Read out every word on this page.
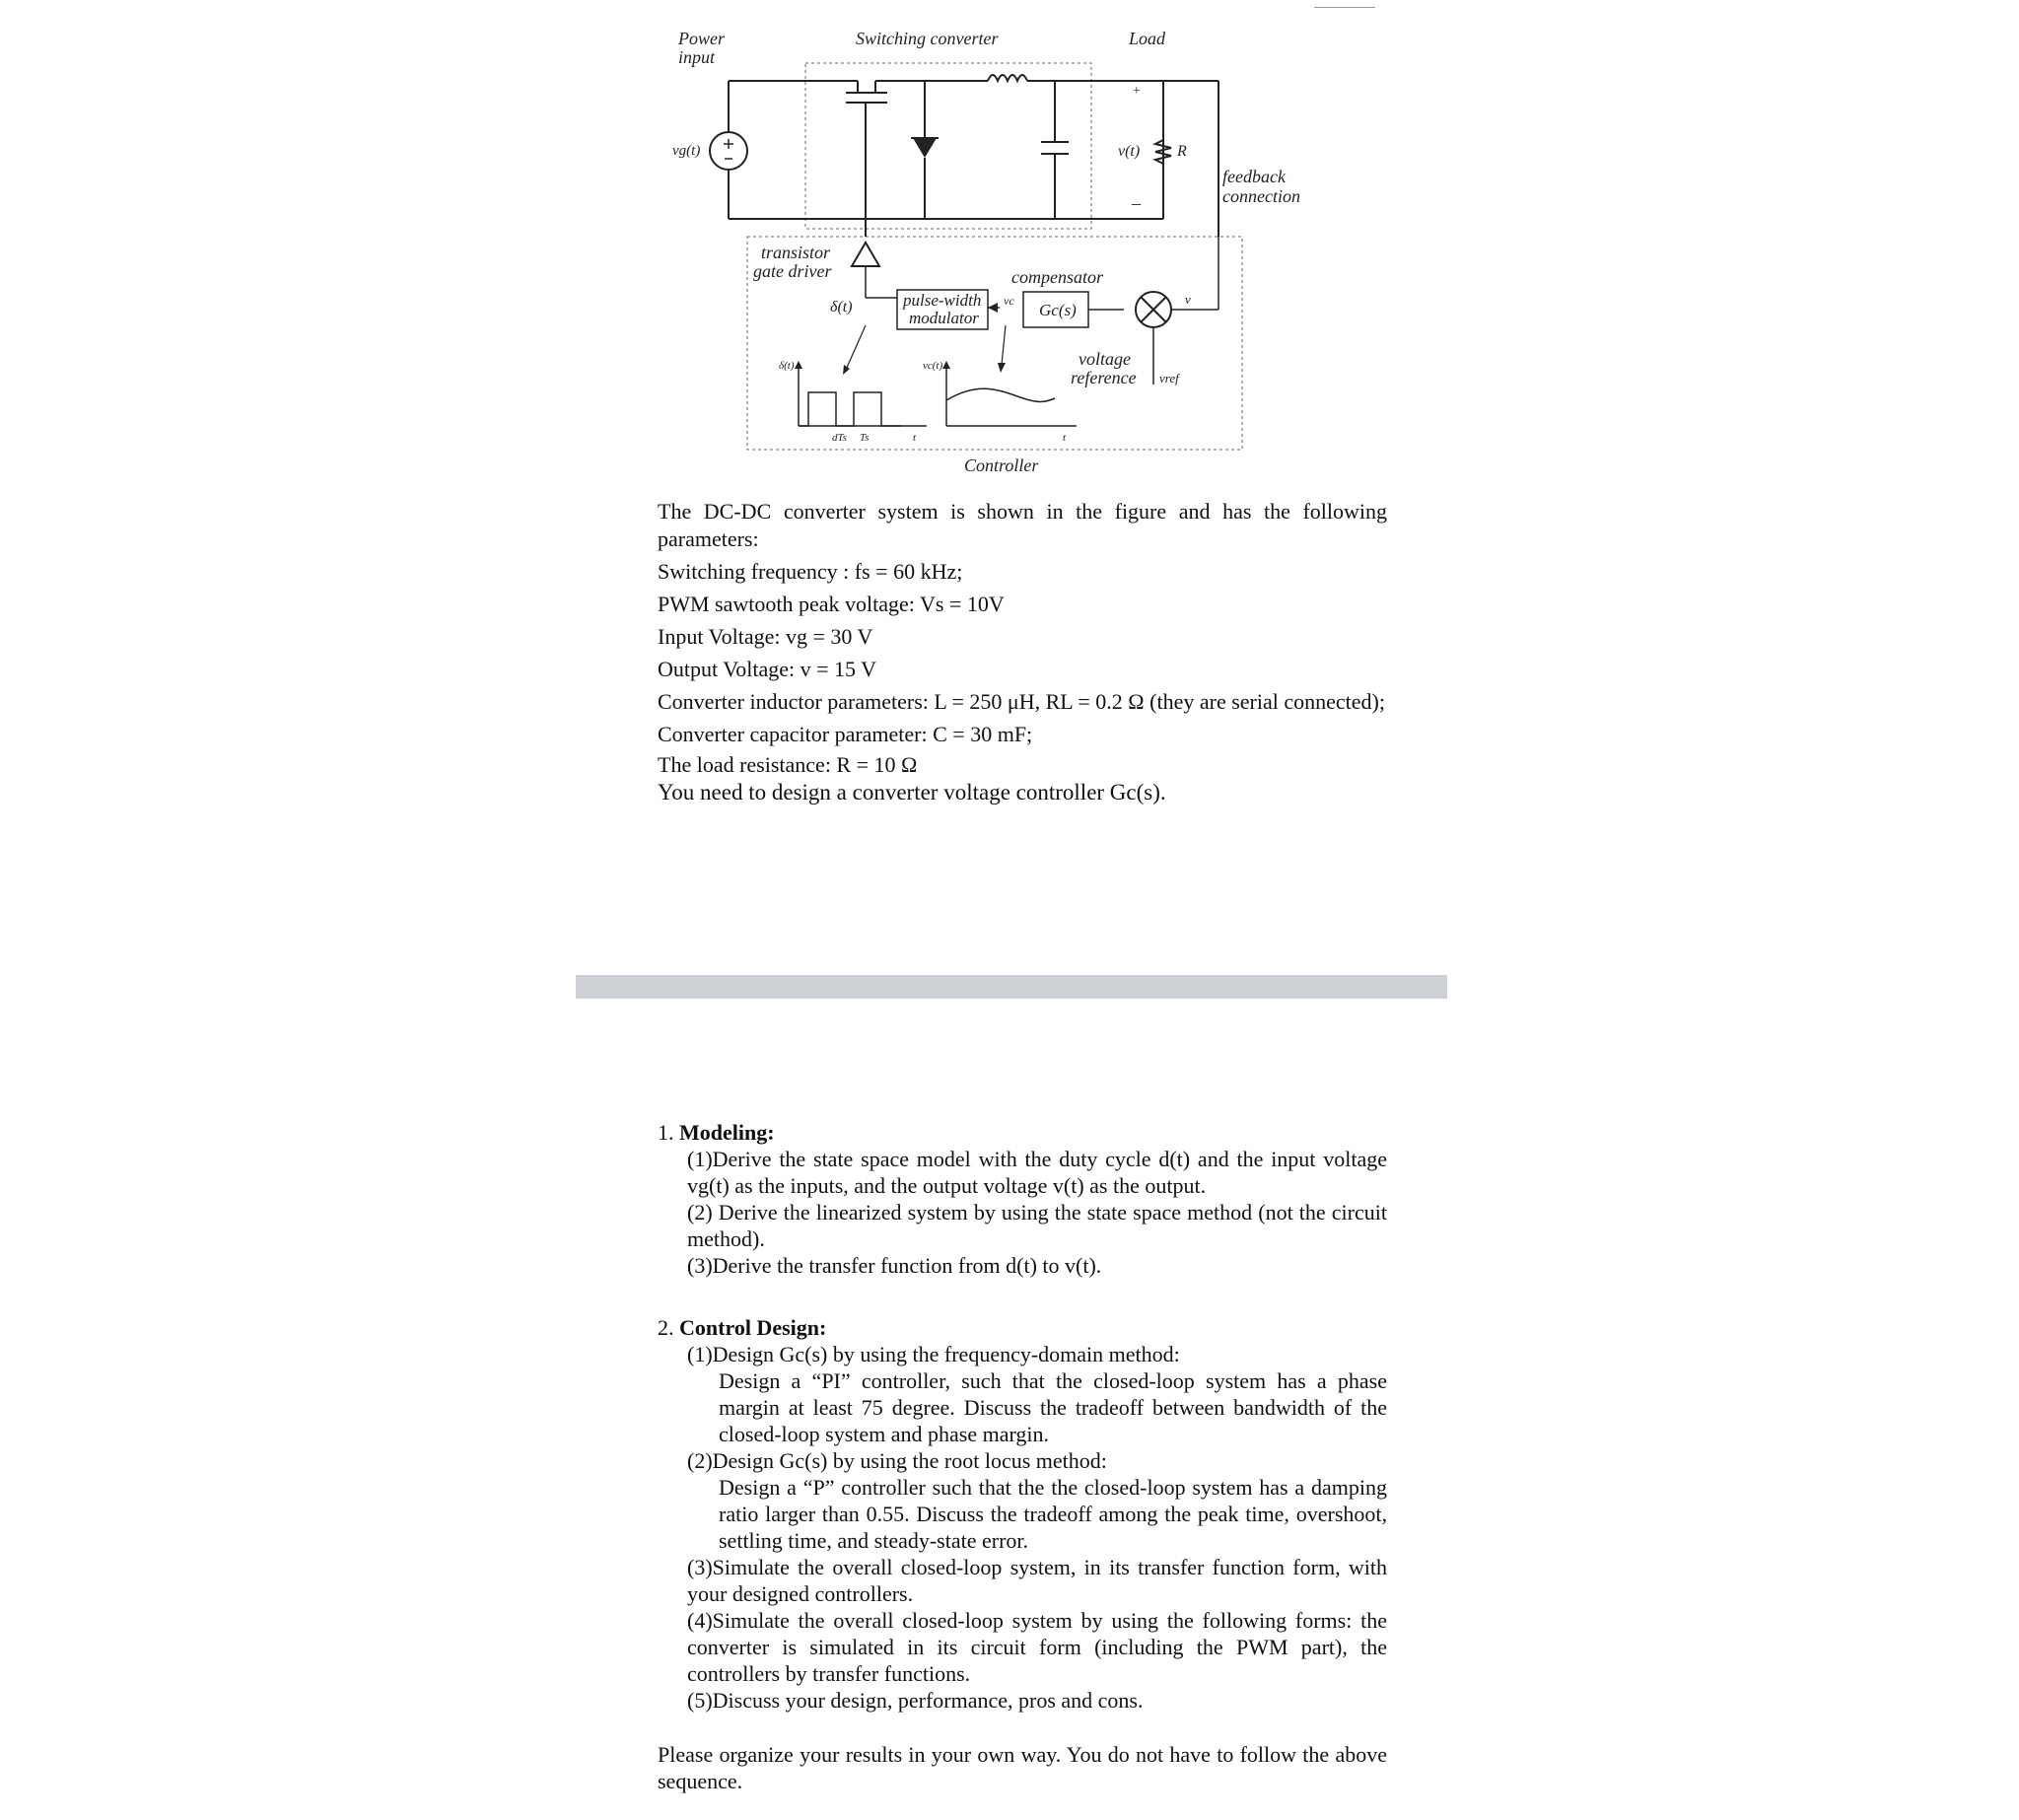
Power
input
Switching converter	Load
vg(t)
+
–
v(t) R
feedback
connection
transistor
gate driver
pulse-width
modulator
δ(t)	vc Gc(s)
compensator
v
voltage
reference vref
δ(t)
dTs Ts	t
vc(t)
t
Controller

The DC-DC converter system is shown in the figure and has the following parameters:

Switching frequency : fs = 60 kHz;

PWM sawtooth peak voltage: Vs = 10V

Input Voltage: vg = 30 V

Output Voltage: v = 15 V

Converter inductor parameters: L = 250 μH, RL = 0.2 Ω (they are serial connected);

Converter capacitor parameter: C = 30 mF;

The load resistance: R = 10 Ω

You need to design a converter voltage controller Gc(s).

1. Modeling:
(1)Derive the state space model with the duty cycle d(t) and the input voltage vg(t) as the inputs, and the output voltage v(t) as the output.
(2) Derive the linearized system by using the state space method (not the circuit method).
(3)Derive the transfer function from d(t) to v(t).
2. Control Design:
(1)Design Gc(s) by using the frequency-domain method:
Design a “PI” controller, such that the closed-loop system has a phase margin at least 75 degree. Discuss the tradeoff between bandwidth of the closed-loop system and phase margin.
(2)Design Gc(s) by using the root locus method:
Design a “P” controller such that the the closed-loop system has a damping ratio larger than 0.55. Discuss the tradeoff among the peak time, overshoot, settling time, and steady-state error.
(3)Simulate the overall closed-loop system, in its transfer function form, with your designed controllers.
(4)Simulate the overall closed-loop system by using the following forms: the converter is simulated in its circuit form (including the PWM part), the controllers by transfer functions.
(5)Discuss your design, performance, pros and cons.

Please organize your results in your own way. You do not have to follow the above sequence.
